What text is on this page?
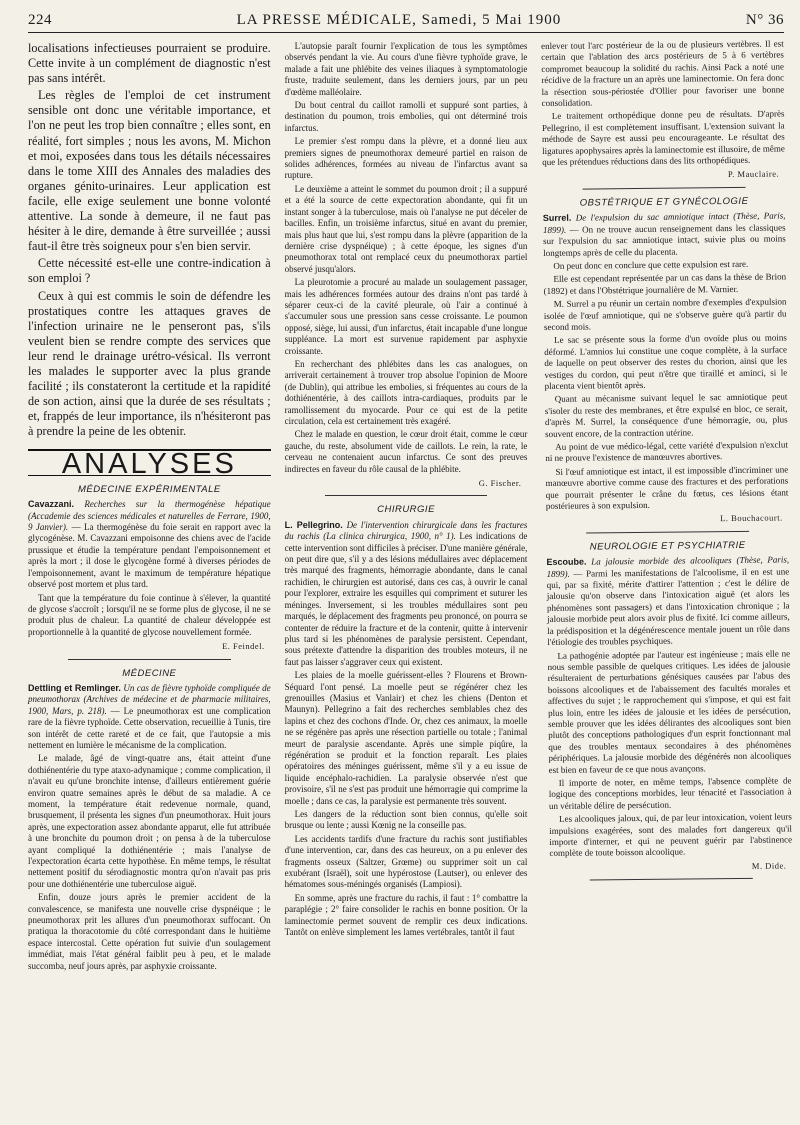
224	LA PRESSE MÉDICALE, Samedi, 5 Mai 1900	N° 36

localisations infectieuses pourraient se produire. Cette invite à un complément de diagnostic n'est pas sans intérêt.

Les règles de l'emploi de cet instrument sensible ont donc une véritable importance, et l'on ne peut les trop bien connaître ; elles sont, en réalité, fort simples ; nous les avons, M. Michon et moi, exposées dans tous les détails nécessaires dans le tome XIII des Annales des maladies des organes génito-urinaires. Leur application est facile, elle exige seulement une bonne volonté attentive. La sonde à demeure, il ne faut pas hésiter à le dire, demande à être surveillée ; aussi faut-il être très soigneux pour s'en bien servir.

Cette nécessité est-elle une contre-indication à son emploi ?

Ceux à qui est commis le soin de défendre les prostatiques contre les attaques graves de l'infection urinaire ne le penseront pas, s'ils veulent bien se rendre compte des services que leur rend le drainage urétro-vésical. Ils verront les malades le supporter avec la plus grande facilité ; ils constateront la certitude et la rapidité de son action, ainsi que la durée de ses résultats ; et, frappés de leur importance, ils n'hésiteront pas à prendre la peine de les obtenir.

ANALYSES
MÉDECINE EXPÉRIMENTALE

Cavazzani. Recherches sur la thermogénèse hépatique (Accademie des sciences médicales et naturelles de Ferrare, 1900, 9 Janvier). — La thermogénèse du foie serait en rapport avec la glycogénèse. M. Cavazzani empoisonne des chiens avec de l'acide prussique et étudie la température pendant l'empoisonnement et après la mort ; il dose le glycogène formé à diverses périodes de l'empoisonnement, avant le maximum de température hépatique observé post mortem et plus tard.

Tant que la température du foie continue à s'élever, la quantité de glycose s'accroît ; lorsqu'il ne se forme plus de glycose, il ne se produit plus de chaleur. La quantité de chaleur développée est proportionnelle à la quantité de glycose nouvellement formée.

E. Feindel.
MÉDECINE

Dettling et Remlinger. Un cas de fièvre typhoïde compliquée de pneumothorax (Archives de médecine et de pharmacie militaires, 1900, Mars, p. 218). — Le pneumothorax est une complication rare de la fièvre typhoïde. Cette observation, recueillie à Tunis, tire son intérêt de cette rareté et de ce fait, que l'autopsie a mis nettement en lumière le mécanisme de la complication.

Le malade, âgé de vingt-quatre ans, était atteint d'une dothiénentérie du type ataxo-adynamique ; comme complication, il n'avait eu qu'une bronchite intense, d'ailleurs entièrement guérie environ quatre semaines après le début de sa maladie. A ce moment, la température était redevenue normale, quand, brusquement, il présenta les signes d'un pneumothorax. Huit jours après, une expectoration assez abondante apparut, elle fut attribuée à une bronchite du poumon droit ; on pensa à de la tuberculose ayant compliqué la dothiénentérie ; mais l'analyse de l'expectoration écarta cette hypothèse. En même temps, le résultat nettement positif du sérodiagnostic montra qu'on n'avait pas pris pour une dothiénentérie une tuberculose aiguë.

Enfin, douze jours après le premier accident de la convalescence, se manifesta une nouvelle crise dyspnéique ; le pneumothorax prit les allures d'un pneumothorax suffocant. On pratiqua la thoracotomie du côté correspondant dans le huitième espace intercostal. Cette opération fut suivie d'un soulagement immédiat, mais l'état général faiblit peu à peu, et le malade succomba, neuf jours après, par asphyxie croissante.

L'autopsie paraît fournir l'explication de tous les symptômes observés pendant la vie. Au cours d'une fièvre typhoïde grave, le malade a fait une phlébite des veines iliaques à symptomatologie fruste, traduite seulement, dans les derniers jours, par un peu d'œdème malléolaire.

Du bout central du caillot ramolli et suppuré sont parties, à destination du poumon, trois embolies, qui ont déterminé trois infarctus.

Le premier s'est rompu dans la plèvre, et a donné lieu aux premiers signes de pneumothorax demeuré partiel en raison de solides adhérences, formées au niveau de l'infarctus avant sa rupture.

Le deuxième a atteint le sommet du poumon droit ; il a suppuré et a été la source de cette expectoration abondante, qui fit un instant songer à la tuberculose, mais où l'analyse ne put déceler de bacilles. Enfin, un troisième infarctus, situé en avant du premier, mais plus haut que lui, s'est rompu dans la plèvre (apparition de la dernière crise dyspnéique) ; à cette époque, les signes d'un pneumothorax total ont remplacé ceux du pneumothorax partiel observé jusqu'alors.

La pleurotomie a procuré au malade un soulagement passager, mais les adhérences formées autour des drains n'ont pas tardé à séparer ceux-ci de la cavité pleurale, où l'air a continué à s'accumuler sous une pression sans cesse croissante. Le poumon opposé, siège, lui aussi, d'un infarctus, était incapable d'une longue suppléance. La mort est survenue rapidement par asphyxie croissante.

En recherchant des phlébites dans les cas analogues, on arriverait certainement à trouver trop absolue l'opinion de Moore (de Dublin), qui attribue les embolies, si fréquentes au cours de la dothiénentérie, à des caillots intra-cardiaques, produits par le ramollissement du myocarde. Pour ce qui est de la petite circulation, cela est certainement très exagéré.

Chez le malade en question, le cœur droit était, comme le cœur gauche, du reste, absolument vide de caillots. Le rein, la rate, le cerveau ne contenaient aucun infarctus. Ce sont des preuves indirectes en faveur du rôle causal de la phlébite.

G. Fischer.
CHIRURGIE

L. Pellegrino. De l'intervention chirurgicale dans les fractures du rachis (La clinica chirurgica, 1900, n° 1). Les indications de cette intervention sont difficiles à préciser. D'une manière générale, on peut dire que, s'il y a des lésions médullaires avec déplacement très marqué des fragments, hémorragie abondante, dans le canal rachidien, le chirurgien est autorisé, dans ces cas, à ouvrir le canal pour l'explorer, extraire les esquilles qui compriment et suturer les méninges. Inversement, si les troubles médullaires sont peu marqués, le déplacement des fragments peu prononcé, on pourra se contenter de réduire la fracture et de la contenir, quitte à intervenir plus tard si les phénomènes de paralysie persistent. Cependant, sous prétexte d'attendre la disparition des troubles moteurs, il ne faut pas laisser s'aggraver ceux qui existent.

Les plaies de la moelle guérissent-elles ? Flourens et Brown-Séquard l'ont pensé. La moelle peut se régénérer chez les grenouilles (Masius et Vanlair) et chez les chiens (Denton et Maunyn). Pellegrino a fait des recherches semblables chez des lapins et chez des cochons d'Inde. Or, chez ces animaux, la moelle ne se régénère pas après une résection partielle ou totale ; l'animal meurt de paralysie ascendante. Après une simple piqûre, la régénération se produit et la fonction reparaît. Les plaies opératoires des méninges guérissent, même s'il y a eu issue de liquide encéphalo-rachidien. La paralysie observée n'est que provisoire, s'il ne s'est pas produit une hémorragie qui comprime la moelle ; dans ce cas, la paralysie est permanente très souvent.

Les dangers de la réduction sont bien connus, qu'elle soit brusque ou lente ; aussi Kœnig ne la conseille pas.

Les accidents tardifs d'une fracture du rachis sont justifiables d'une intervention, car, dans des cas heureux, on a pu enlever des fragments osseux (Saltzer, Grœme) ou supprimer soit un cal exubérant (Israël), soit une hypérostose (Lautser), ou enlever des hématomes sous-méningés organisés (Lampiosi).

En somme, après une fracture du rachis, il faut : 1° combattre la paraplégie ; 2° faire consolider le rachis en bonne position. Or la laminectomie permet souvent de remplir ces deux indications. Tantôt on enlève simplement les lames vertébrales, tantôt il faut

enlever tout l'arc postérieur de la ou de plusieurs vertèbres. Il est certain que l'ablation des arcs postérieurs de 5 à 6 vertèbres compromet beaucoup la solidité du rachis. Ainsi Pack a noté une récidive de la fracture un an après une laminectomie. On fera donc la résection sous-périostée d'Ollier pour favoriser une bonne consolidation.

Le traitement orthopédique donne peu de résultats. D'après Pellegrino, il est complètement insuffisant. L'extension suivant la méthode de Sayre est aussi peu encourageante. Le résultat des ligatures apophysaires après la laminectomie est illusoire, de même que les prétendues réductions dans des lits orthopédiques.

P. Mauclaire.
OBSTÉTRIQUE ET GYNÉCOLOGIE

Surrel. De l'expulsion du sac amniotique intact (Thèse, Paris, 1899). — On ne trouve aucun renseignement dans les classiques sur l'expulsion du sac amniotique intact, suivie plus ou moins longtemps après de celle du placenta.

On peut donc en conclure que cette expulsion est rare.

Elle est cependant représentée par un cas dans la thèse de Brion (1892) et dans l'Obstétrique journalière de M. Varnier.

M. Surrel a pu réunir un certain nombre d'exemples d'expulsion isolée de l'œuf amniotique, qui ne s'observe guère qu'à partir du second mois.

Le sac se présente sous la forme d'un ovoïde plus ou moins déformé. L'amnios lui constitue une coque complète, à la surface de laquelle on peut observer des restes du chorion, ainsi que les vestiges du cordon, qui peut n'être que tiraillé et aminci, si le placenta vient bientôt après.

Quant au mécanisme suivant lequel le sac amniotique peut s'isoler du reste des membranes, et être expulsé en bloc, ce serait, d'après M. Surrel, la conséquence d'une hémorragie, ou, plus souvent encore, de la contraction utérine.

Au point de vue médico-légal, cette variété d'expulsion n'exclut ni ne prouve l'existence de manœuvres abortives.

Si l'œuf amniotique est intact, il est impossible d'incriminer une manœuvre abortive comme cause des fractures et des perforations que pourrait présenter le crâne du fœtus, ces lésions étant postérieures à son expulsion.

L. Bouchacourt.
NEUROLOGIE ET PSYCHIATRIE

Escoube. La jalousie morbide des alcooliques (Thèse, Paris, 1899). — Parmi les manifestations de l'alcoolisme, il en est une qui, par sa fixité, mérite d'attirer l'attention ; c'est le délire de jalousie qu'on observe dans l'intoxication aiguë (et alors les phénomènes sont passagers) et dans l'intoxication chronique ; la jalousie morbide peut alors avoir plus de fixité. Ici comme ailleurs, la prédisposition et la dégénérescence mentale jouent un rôle dans l'étiologie des troubles psychiques.

La pathogénie adoptée par l'auteur est ingénieuse ; mais elle ne nous semble passible de quelques critiques. Les idées de jalousie résulteraient de perturbations génésiques causées par l'abus des boissons alcooliques et de l'abaissement des facultés morales et affectives du sujet ; le rapprochement qui s'impose, et qui est fait plus loin, entre les idées de jalousie et les idées de persécution, semble prouver que les idées délirantes des alcooliques sont bien plutôt des conceptions pathologiques d'un esprit fonctionnant mal que des troubles mentaux secondaires à des phénomènes périphériques. La jalousie morbide des dégénérés non alcooliques est bien en faveur de ce que nous avançons.

Il importe de noter, en même temps, l'absence complète de logique des conceptions morbides, leur ténacité et l'association à un véritable délire de persécution.

Les alcooliques jaloux, qui, de par leur intoxication, voient leurs impulsions exagérées, sont des malades fort dangereux qu'il importe d'interner, et qui ne peuvent guérir par l'abstinence complète de toute boisson alcoolique.

M. Dide.
